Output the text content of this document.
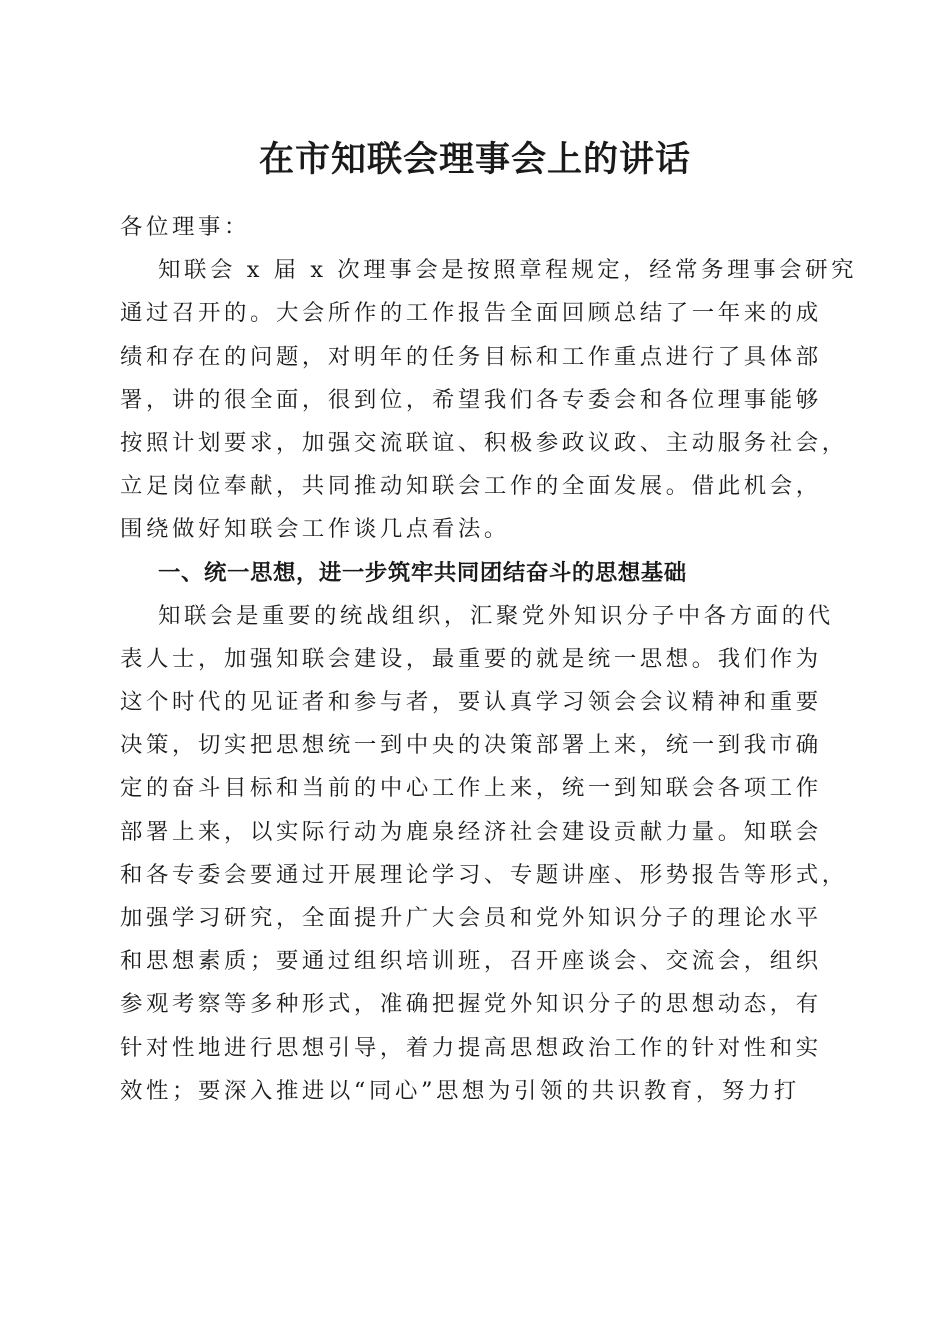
在市知联会理事会上的讲话
各位理事：
知联会 x 届 x 次理事会是按照章程规定，经常务理事会研究
通过召开的。大会所作的工作报告全面回顾总结了一年来的成
绩和存在的问题，对明年的任务目标和工作重点进行了具体部
署，讲的很全面，很到位，希望我们各专委会和各位理事能够
按照计划要求，加强交流联谊、积极参政议政、主动服务社会，
立足岗位奉献，共同推动知联会工作的全面发展。借此机会，
围绕做好知联会工作谈几点看法。
一、统一思想，进一步筑牢共同团结奋斗的思想基础
知联会是重要的统战组织，汇聚党外知识分子中各方面的代
表人士，加强知联会建设，最重要的就是统一思想。我们作为
这个时代的见证者和参与者，要认真学习领会会议精神和重要
决策，切实把思想统一到中央的决策部署上来，统一到我市确
定的奋斗目标和当前的中心工作上来，统一到知联会各项工作
部署上来，以实际行动为鹿泉经济社会建设贡献力量。知联会
和各专委会要通过开展理论学习、专题讲座、形势报告等形式，
加强学习研究，全面提升广大会员和党外知识分子的理论水平
和思想素质；要通过组织培训班，召开座谈会、交流会，组织
参观考察等多种形式，准确把握党外知识分子的思想动态，有
针对性地进行思想引导，着力提高思想政治工作的针对性和实
效性；要深入推进以“同心”思想为引领的共识教育，努力打
